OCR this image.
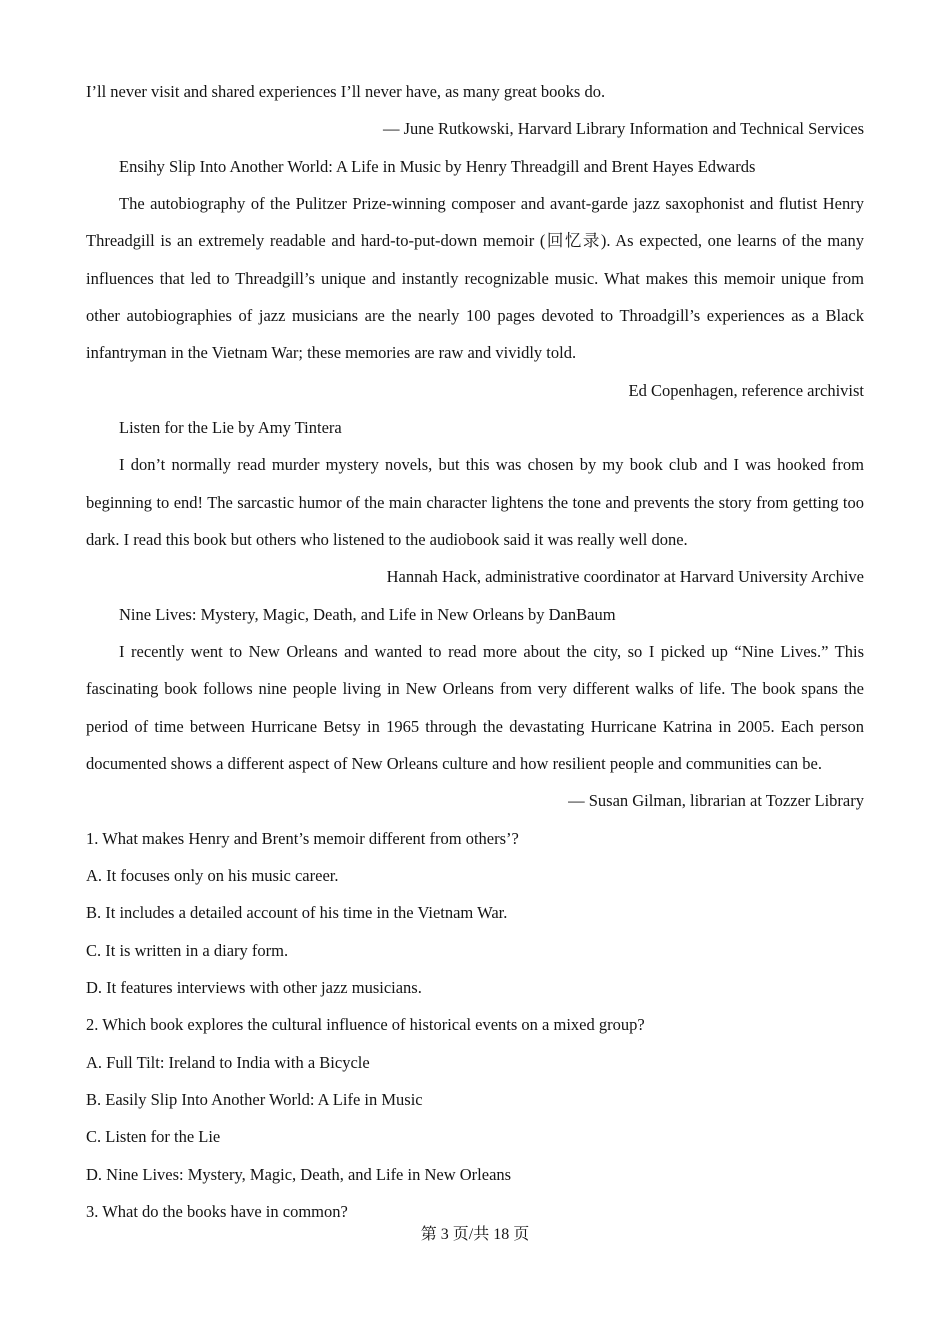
I’ll never visit and shared experiences I’ll never have, as many great books do.
— June Rutkowski, Harvard Library Information and Technical Services
Ensihy Slip Into Another World: A Life in Music by Henry Threadgill and Brent Hayes Edwards
The autobiography of the Pulitzer Prize-winning composer and avant-garde jazz saxophonist and flutist Henry
Threadgill is an extremely readable and hard-to-put-down memoir (回忆录). As expected, one learns of the many
influences that led to Threadgill’s unique and instantly recognizable music. What makes this memoir unique from
other autobiographies of jazz musicians are the nearly 100 pages devoted to Throadgill’s experiences as a Black
infantryman in the Vietnam War; these memories are raw and vividly told.
Ed Copenhagen, reference archivist
Listen for the Lie by Amy Tintera
I don’t normally read murder mystery novels, but this was chosen by my book club and I was hooked from
beginning to end! The sarcastic humor of the main character lightens the tone and prevents the story from getting too
dark. I read this book but others who listened to the audiobook said it was really well done.
Hannah Hack, administrative coordinator at Harvard University Archive
Nine Lives: Mystery, Magic, Death, and Life in New Orleans by DanBaum
I recently went to New Orleans and wanted to read more about the city, so I picked up “Nine Lives.” This
fascinating book follows nine people living in New Orleans from very different walks of life. The book spans the
period of time between Hurricane Betsy in 1965 through the devastating Hurricane Katrina in 2005. Each person
documented shows a different aspect of New Orleans culture and how resilient people and communities can be.
— Susan Gilman, librarian at Tozzer Library
1. What makes Henry and Brent’s memoir different from others’?
A. It focuses only on his music career.
B. It includes a detailed account of his time in the Vietnam War.
C. It is written in a diary form.
D. It features interviews with other jazz musicians.
2. Which book explores the cultural influence of historical events on a mixed group?
A. Full Tilt: Ireland to India with a Bicycle
B. Easily Slip Into Another World: A Life in Music
C. Listen for the Lie
D. Nine Lives: Mystery, Magic, Death, and Life in New Orleans
3. What do the books have in common?
第 3 页/共 18 页
